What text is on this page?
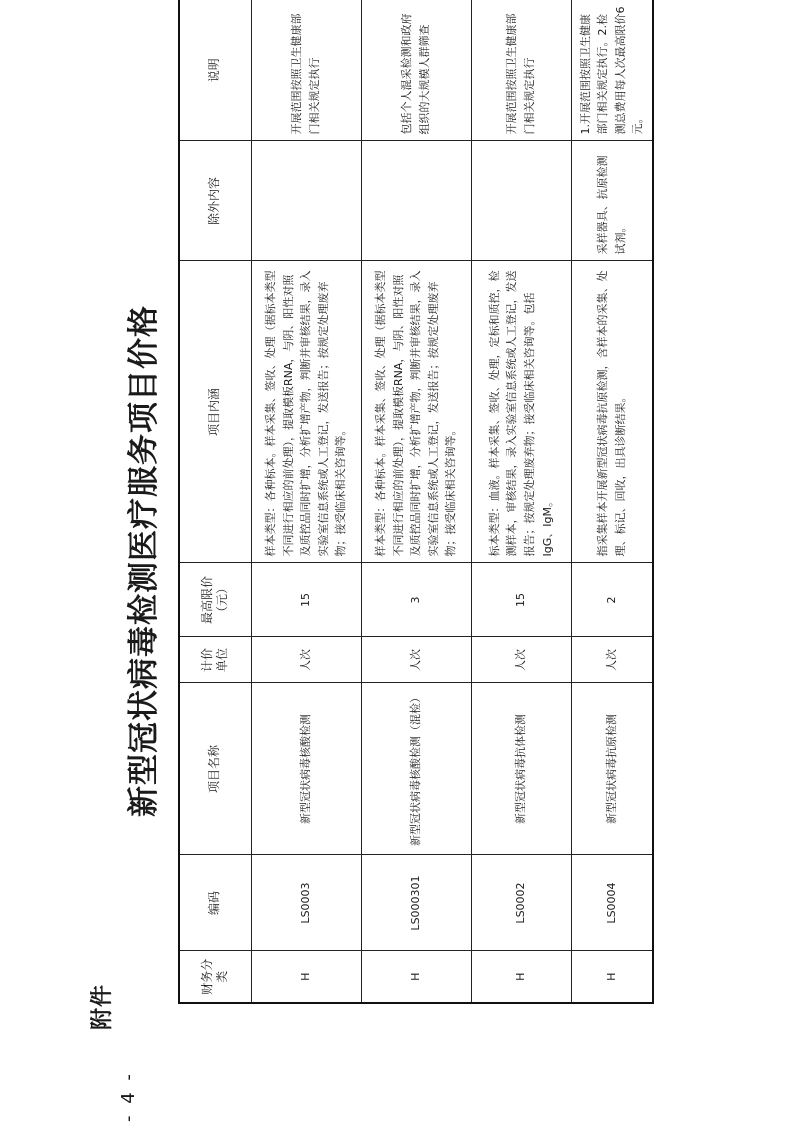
附件
新型冠状病毒检测医疗服务项目价格
财务分类	编码	项目名称	计价单位	最高限价（元）	项目内涵	除外内容	说明
H	LS0003	新型冠状病毒核酸检测	人次	15	样本类型：各种标本。样本采集、签收、处理（据标本类型不同进行相应的前处理），提取模板RNA，与阴、阳性对照及质控品同时扩增，分析扩增产物，判断并审核结果，录入实验室信息系统或人工登记，发送报告；按规定处理废弃物；接受临床相关咨询等。		开展范围按照卫生健康部门相关规定执行
H	LS000301	新型冠状病毒核酸检测（混检）	人次	3	样本类型：各种标本。样本采集、签收、处理（据标本类型不同进行相应的前处理），提取模板RNA，与阴、阳性对照及质控品同时扩增，分析扩增产物，判断并审核结果，录入实验室信息系统或人工登记，发送报告；按规定处理废弃物；接受临床相关咨询等。		包括个人混采检测和政府组织的大规模人群筛查
H	LS0002	新型冠状病毒抗体检测	人次	15	标本类型：血液。样本采集、签收、处理，定标和质控，检测样本，审核结果，录入实验室信息系统或人工登记，发送报告；按规定处理废弃物；接受临床相关咨询等。包括IgG、IgM。		开展范围按照卫生健康部门相关规定执行
H	LS0004	新型冠状病毒抗原检测	人次	2	指采集样本开展新型冠状病毒抗原检测，含样本的采集、处理、标记、回收，出具诊断结果。	采样器具、抗原检测试剂。	1.开展范围按照卫生健康部门相关规定执行。2.检测总费用每人次最高限价6元。
- 4 -
